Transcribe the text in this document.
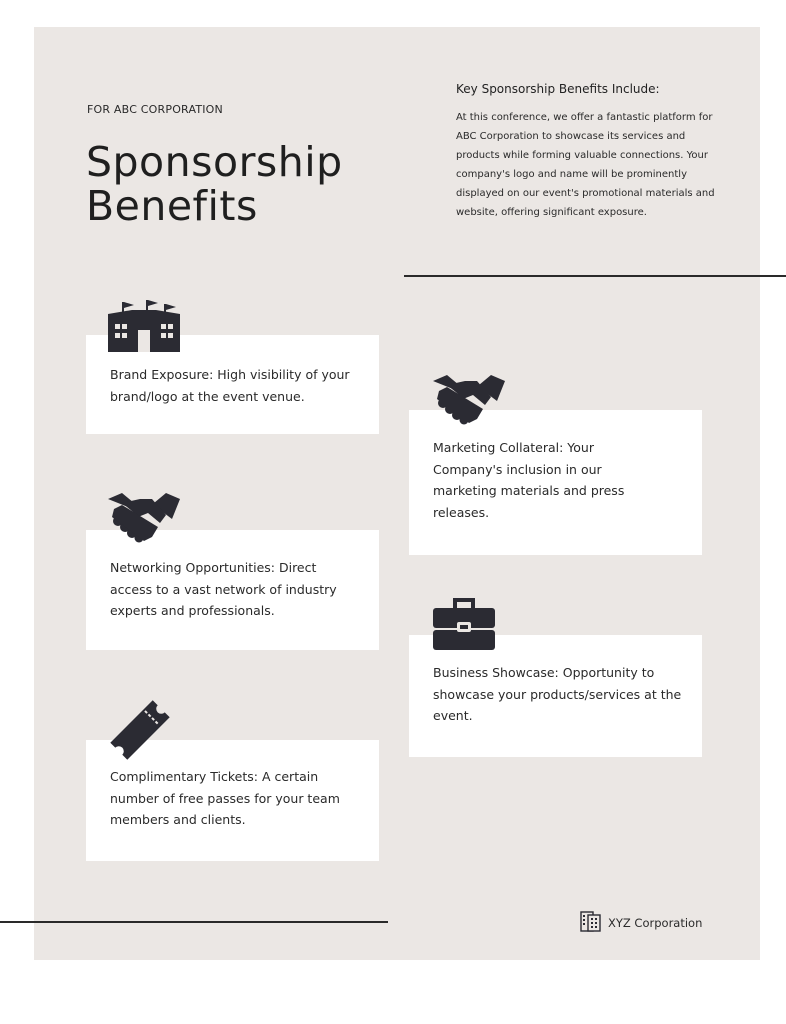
FOR ABC CORPORATION
Sponsorship
Benefits
Key Sponsorship Benefits Include:
At this conference, we offer a fantastic platform for ABC Corporation to showcase its services and products while forming valuable connections. Your company's logo and name will be prominently displayed on our event's promotional materials and website, offering significant exposure.
Brand Exposure: High visibility of your brand/logo at the event venue.
Marketing Collateral: Your Company's inclusion in our marketing materials and press releases.
Networking Opportunities: Direct access to a vast network of industry experts and professionals.
Business Showcase: Opportunity to showcase your products/services at the event.
Complimentary Tickets: A certain number of free passes for your team members and clients.
XYZ Corporation
